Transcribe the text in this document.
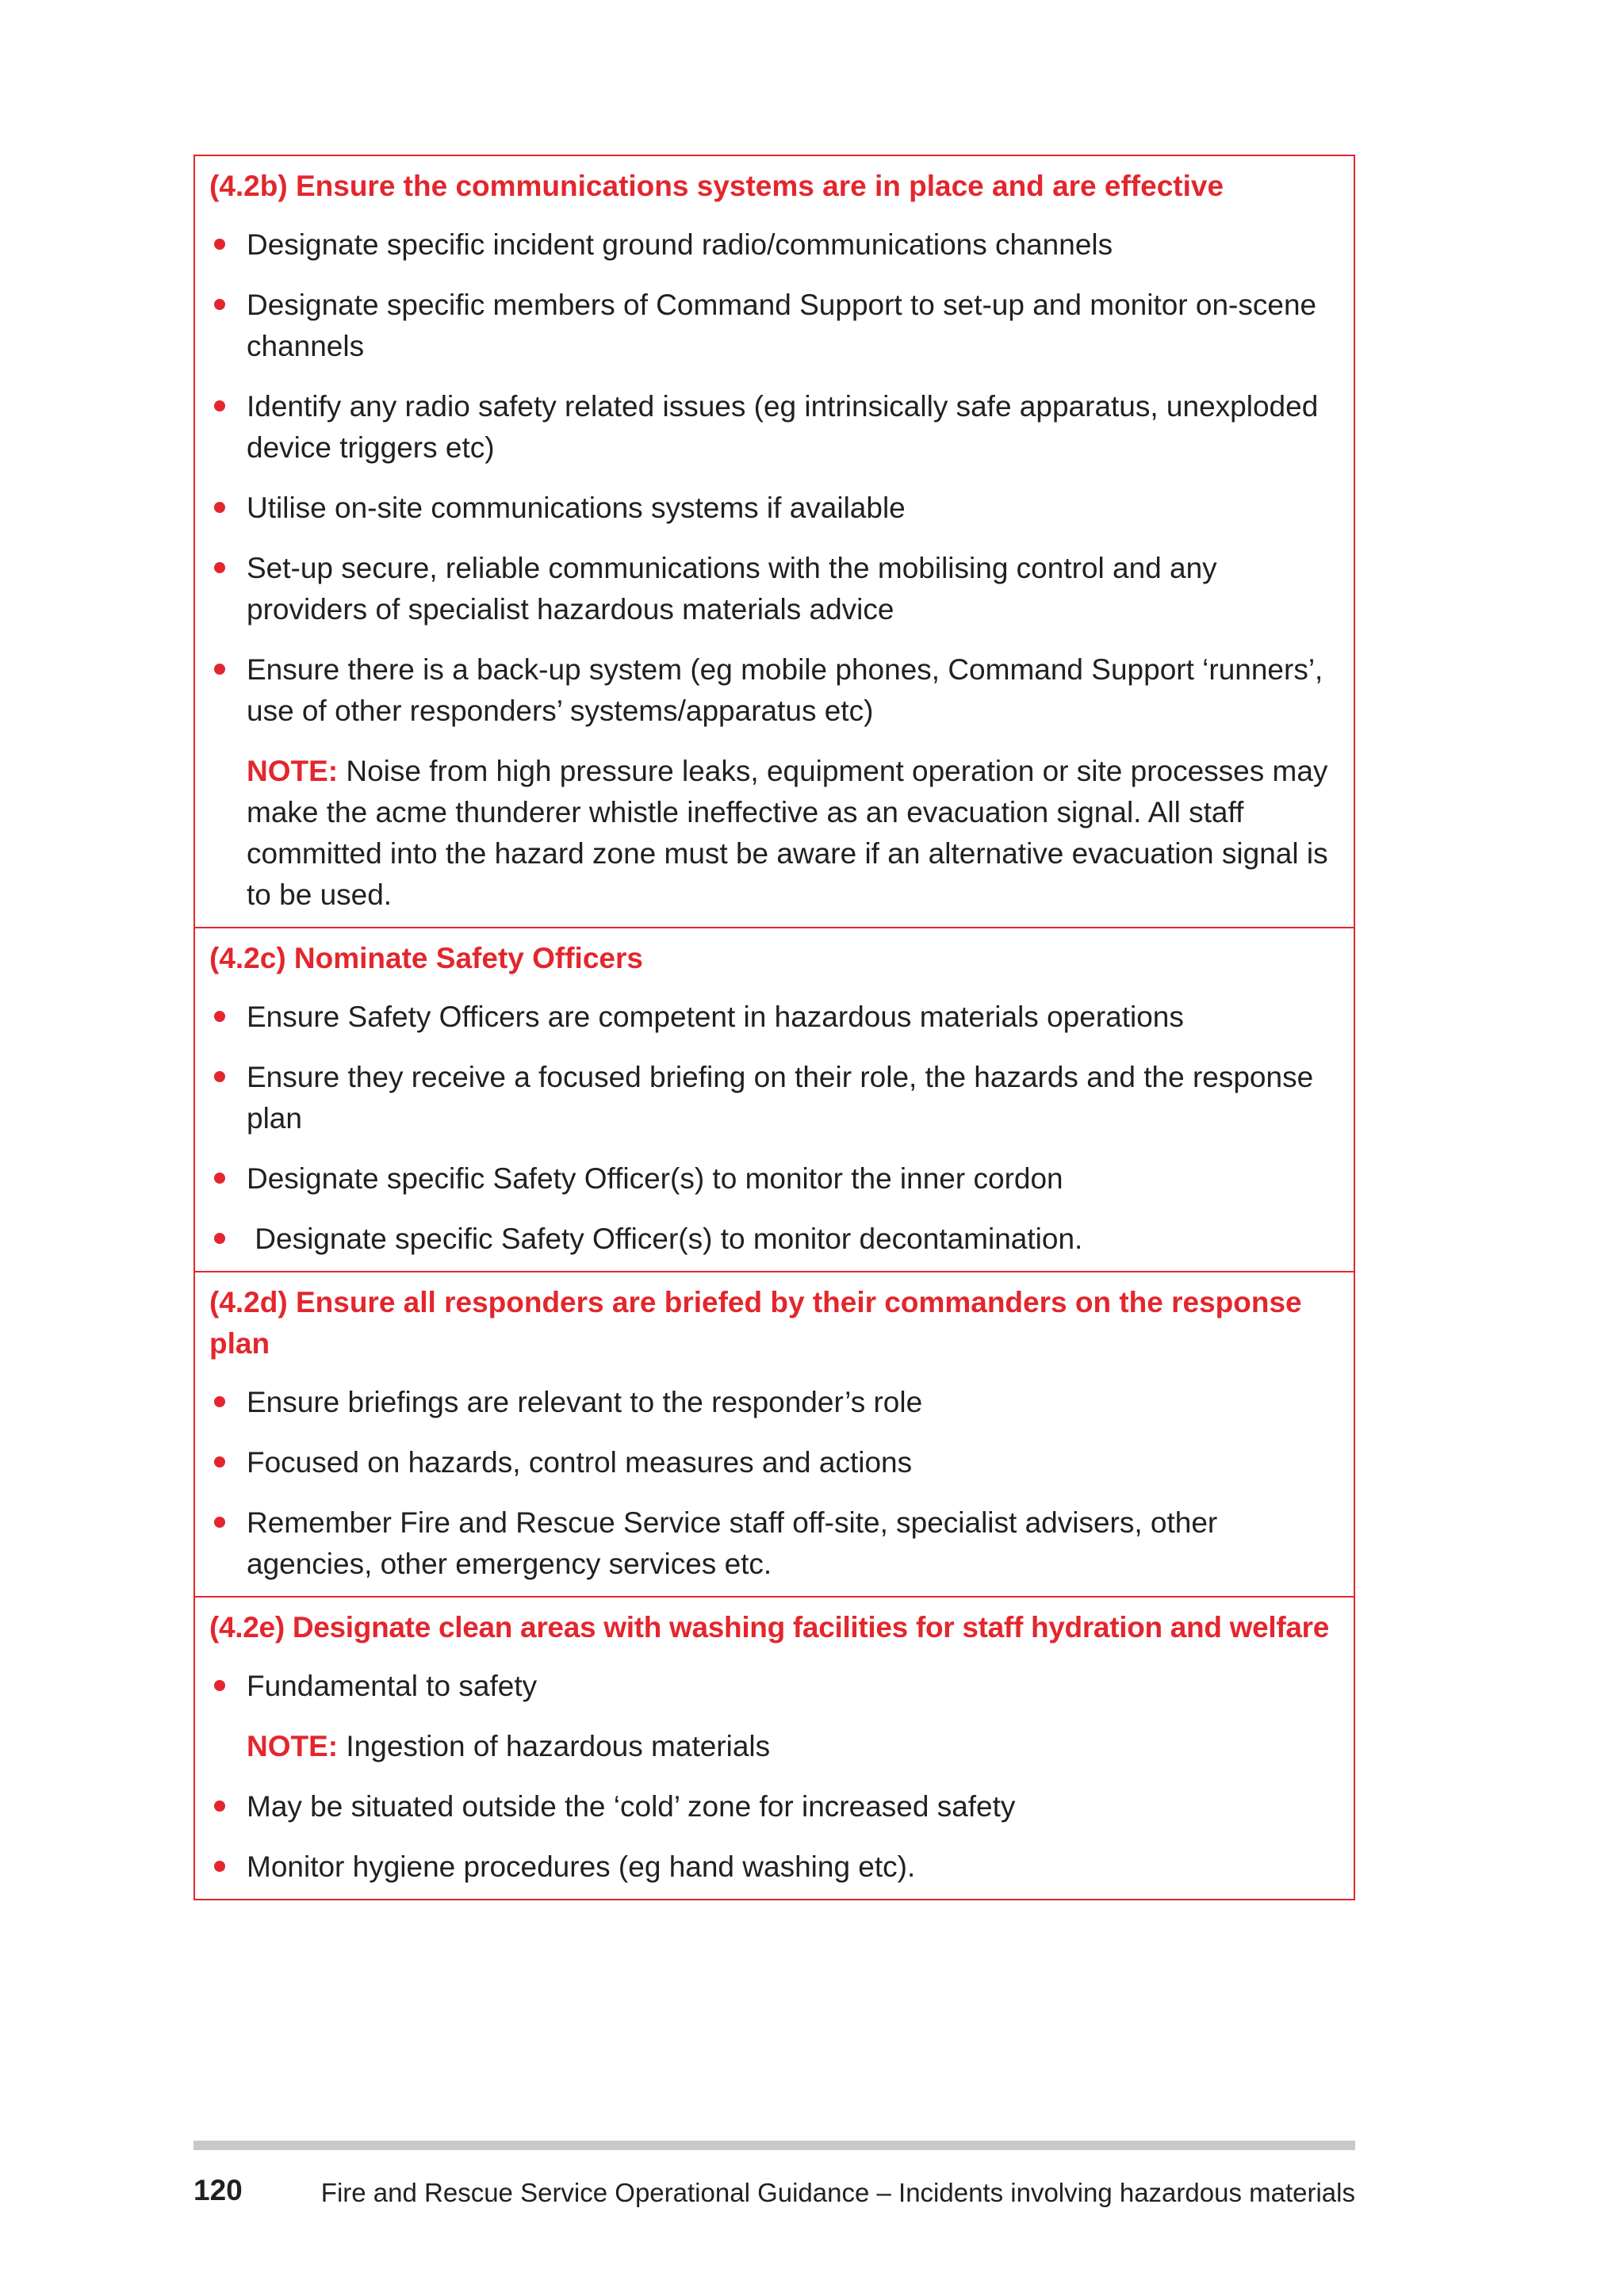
(4.2b) Ensure the communications systems are in place and are effective
Designate specific incident ground radio/communications channels
Designate specific members of Command Support to set-up and monitor on-scene channels
Identify any radio safety related issues (eg intrinsically safe apparatus, unexploded device triggers etc)
Utilise on-site communications systems if available
Set-up secure, reliable communications with the mobilising control and any providers of specialist hazardous materials advice
Ensure there is a back-up system (eg mobile phones, Command Support ‘runners’, use of other responders’ systems/apparatus etc)

NOTE: Noise from high pressure leaks, equipment operation or site processes may make the acme thunderer whistle ineffective as an evacuation signal. All staff committed into the hazard zone must be aware if an alternative evacuation signal is to be used.

(4.2c) Nominate Safety Officers
Ensure Safety Officers are competent in hazardous materials operations
Ensure they receive a focused briefing on their role, the hazards and the response plan
Designate specific Safety Officer(s) to monitor the inner cordon
Designate specific Safety Officer(s) to monitor decontamination.
(4.2d) Ensure all responders are briefed by their commanders on the response plan
Ensure briefings are relevant to the responder’s role
Focused on hazards, control measures and actions
Remember Fire and Rescue Service staff off-site, specialist advisers, other agencies, other emergency services etc.
(4.2e) Designate clean areas with washing facilities for staff hydration and welfare
Fundamental to safety

NOTE: Ingestion of hazardous materials

May be situated outside the ‘cold’ zone for increased safety
Monitor hygiene procedures (eg hand washing etc).
120	Fire and Rescue Service Operational Guidance – Incidents involving hazardous materials
